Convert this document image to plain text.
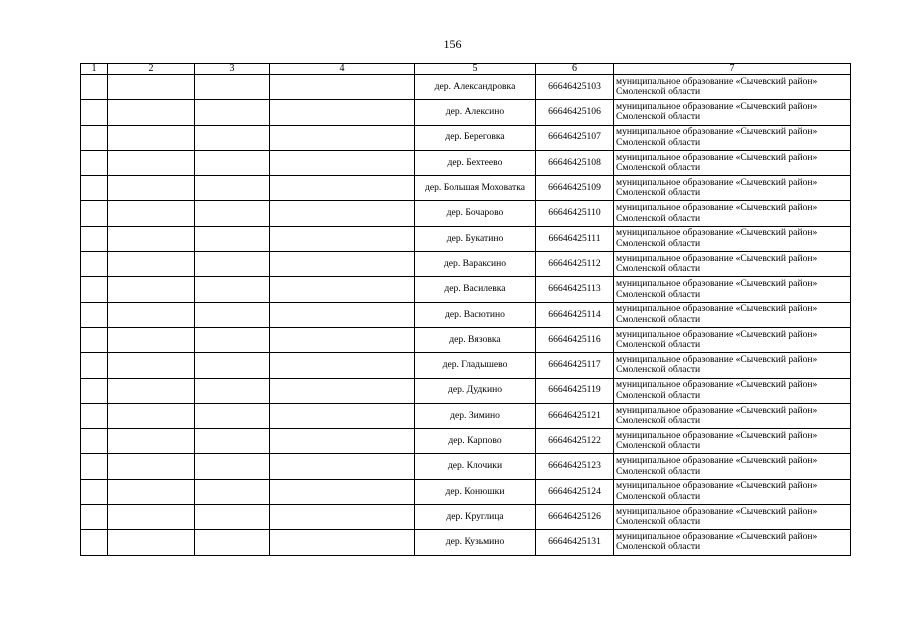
156
1	2	3	4	5	6	7
				дер. Александровка	66646425103	муниципальное образование «Сычевский район»
Смоленской области

				дер. Алексино	66646425106	муниципальное образование «Сычевский район»
Смоленской области

				дер. Береговка	66646425107	муниципальное образование «Сычевский район»
Смоленской области

				дер. Бехтеево	66646425108	муниципальное образование «Сычевский район»
Смоленской области

				дер. Большая Моховатка	66646425109	муниципальное образование «Сычевский район»
Смоленской области

				дер. Бочарово	66646425110	муниципальное образование «Сычевский район»
Смоленской области

				дер. Букатино	66646425111	муниципальное образование «Сычевский район»
Смоленской области

				дер. Вараксино	66646425112	муниципальное образование «Сычевский район»
Смоленской области

				дер. Василевка	66646425113	муниципальное образование «Сычевский район»
Смоленской области

				дер. Васютино	66646425114	муниципальное образование «Сычевский район»
Смоленской области

				дер. Вязовка	66646425116	муниципальное образование «Сычевский район»
Смоленской области

				дер. Гладышево	66646425117	муниципальное образование «Сычевский район»
Смоленской области

				дер. Дудкино	66646425119	муниципальное образование «Сычевский район»
Смоленской области

				дер. Зимино	66646425121	муниципальное образование «Сычевский район»
Смоленской области

				дер. Карпово	66646425122	муниципальное образование «Сычевский район»
Смоленской области

				дер. Клочики	66646425123	муниципальное образование «Сычевский район»
Смоленской области

				дер. Конюшки	66646425124	муниципальное образование «Сычевский район»
Смоленской области

				дер. Круглица	66646425126	муниципальное образование «Сычевский район»
Смоленской области

				дер. Кузьмино	66646425131	муниципальное образование «Сычевский район»
Смоленской области
